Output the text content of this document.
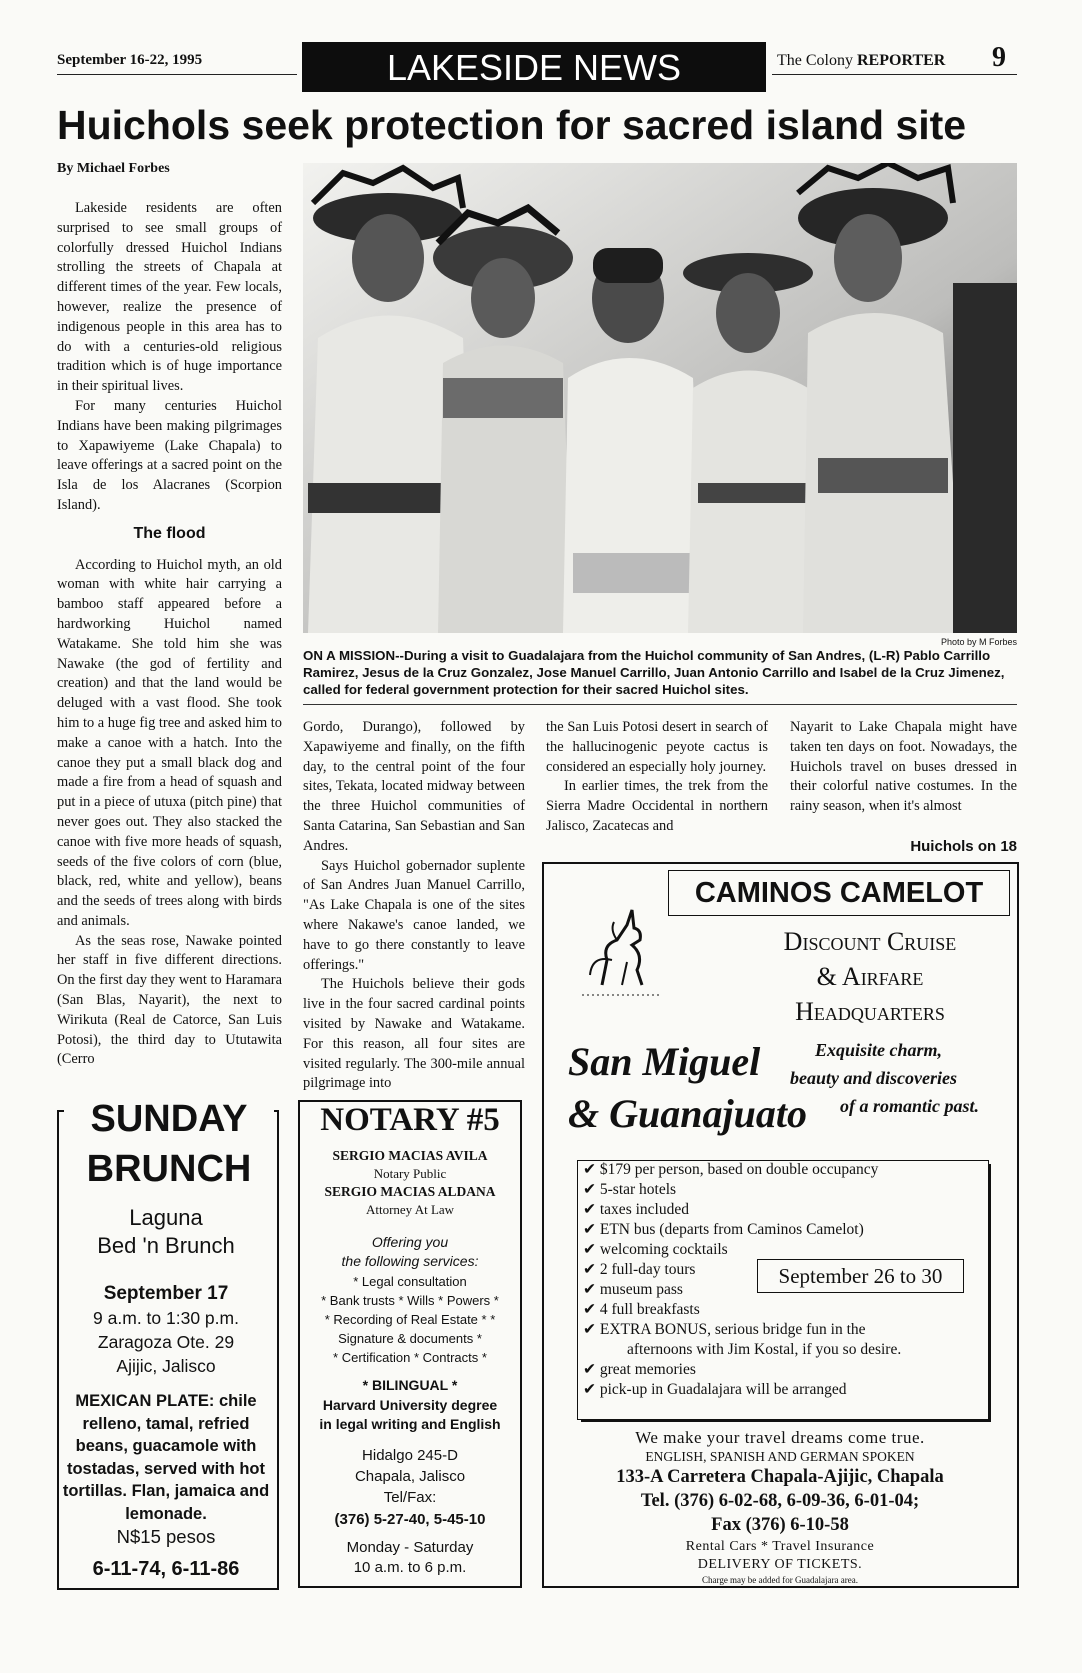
September 16-22, 1995	LAKESIDE NEWS	The Colony REPORTER 9
Huichols seek protection for sacred island site
By Michael Forbes

Lakeside residents are often surprised to see small groups of colorfully dressed Huichol Indians strolling the streets of Chapala at different times of the year. Few locals, however, realize the presence of indigenous people in this area has to do with a centuries-old religious tradition which is of huge importance in their spiritual lives.

For many centuries Huichol Indians have been making pilgrimages to Xapawiyeme (Lake Chapala) to leave offerings at a sacred point on the Isla de los Alacranes (Scorpion Island).

The flood

According to Huichol myth, an old woman with white hair carrying a bamboo staff appeared before a hardworking Huichol named Watakame. She told him she was Nawake (the god of fertility and creation) and that the land would be deluged with a vast flood. She took him to a huge fig tree and asked him to make a canoe with a hatch. Into the canoe they put a small black dog and made a fire from a head of squash and put in a piece of utuxa (pitch pine) that never goes out. They also stacked the canoe with five more heads of squash, seeds of the five colors of corn (blue, black, red, white and yellow), beans and the seeds of trees along with birds and animals.

As the seas rose, Nawake pointed her staff in five different directions. On the first day they went to Haramara (San Blas, Nayarit), the next to Wirikuta (Real de Catorce, San Luis Potosi), the third day to Ututawita (Cerro

Photo by M Forbes
ON A MISSION--During a visit to Guadalajara from the Huichol community of San Andres, (L-R) Pablo Carrillo Ramirez, Jesus de la Cruz Gonzalez, Jose Manuel Carrillo, Juan Antonio Carrillo and Isabel de la Cruz Jimenez, called for federal government protection for their sacred Huichol sites.

Gordo, Durango), followed by Xapawiyeme and finally, on the fifth day, to the central point of the four sites, Tekata, located midway between the three Huichol communities of Santa Catarina, San Sebastian and San Andres.

Says Huichol gobernador suplente of San Andres Juan Manuel Carrillo, "As Lake Chapala is one of the sites where Nakawe's canoe landed, we have to go there constantly to leave offerings."

The Huichols believe their gods live in the four sacred cardinal points visited by Nawake and Watakame. For this reason, all four sites are visited regularly. The 300-mile annual pilgrimage into

the San Luis Potosi desert in search of the hallucinogenic peyote cactus is considered an especially holy journey.

In earlier times, the trek from the Sierra Madre Occidental in northern Jalisco, Zacatecas and

Nayarit to Lake Chapala might have taken ten days on foot. Nowadays, the Huichols travel on buses dressed in their colorful native costumes. In the rainy season, when it's almost

Huichols on 18
SUNDAY
BRUNCH
Laguna
Bed 'n Brunch
September 17
9 a.m. to 1:30 p.m.
Zaragoza Ote. 29
Ajijic, Jalisco
MEXICAN PLATE: chile relleno, tamal, refried beans, guacamole with tostadas, served with hot tortillas. Flan, jamaica and lemonade.
N$15 pesos
6-11-74, 6-11-86
NOTARY #5
SERGIO MACIAS AVILA
Notary Public
SERGIO MACIAS ALDANA
Attorney At Law
Offering you
the following services:
* Legal consultation
* Bank trusts * Wills * Powers *
* Recording of Real Estate * *
Signature & documents *
* Certification * Contracts *
* BILINGUAL *
Harvard University degree
in legal writing and English
Hidalgo 245-D
Chapala, Jalisco
Tel/Fax:
(376) 5-27-40, 5-45-10
Monday - Saturday
10 a.m. to 6 p.m.
CAMINOS CAMELOT
Discount Cruise
& Airfare
Headquarters
San Miguel
& Guanajuato
Exquisite charm,
beauty and discoveries
of a romantic past.
✔ $179 per person, based on double occupancy
✔ 5-star hotels
✔ taxes included
✔ ETN bus (departs from Caminos Camelot)
✔ welcoming cocktails
✔ 2 full-day tours
✔ museum pass
✔ 4 full breakfasts
✔ EXTRA BONUS, serious bridge fun in the
afternoons with Jim Kostal, if you so desire.
✔ great memories
✔ pick-up in Guadalajara will be arranged
September 26 to 30
We make your travel dreams come true.
ENGLISH, SPANISH AND GERMAN SPOKEN
133-A Carretera Chapala-Ajijic, Chapala
Tel. (376) 6-02-68, 6-09-36, 6-01-04;
Fax (376) 6-10-58
Rental Cars * Travel Insurance
DELIVERY OF TICKETS.
Charge may be added for Guadalajara area.
